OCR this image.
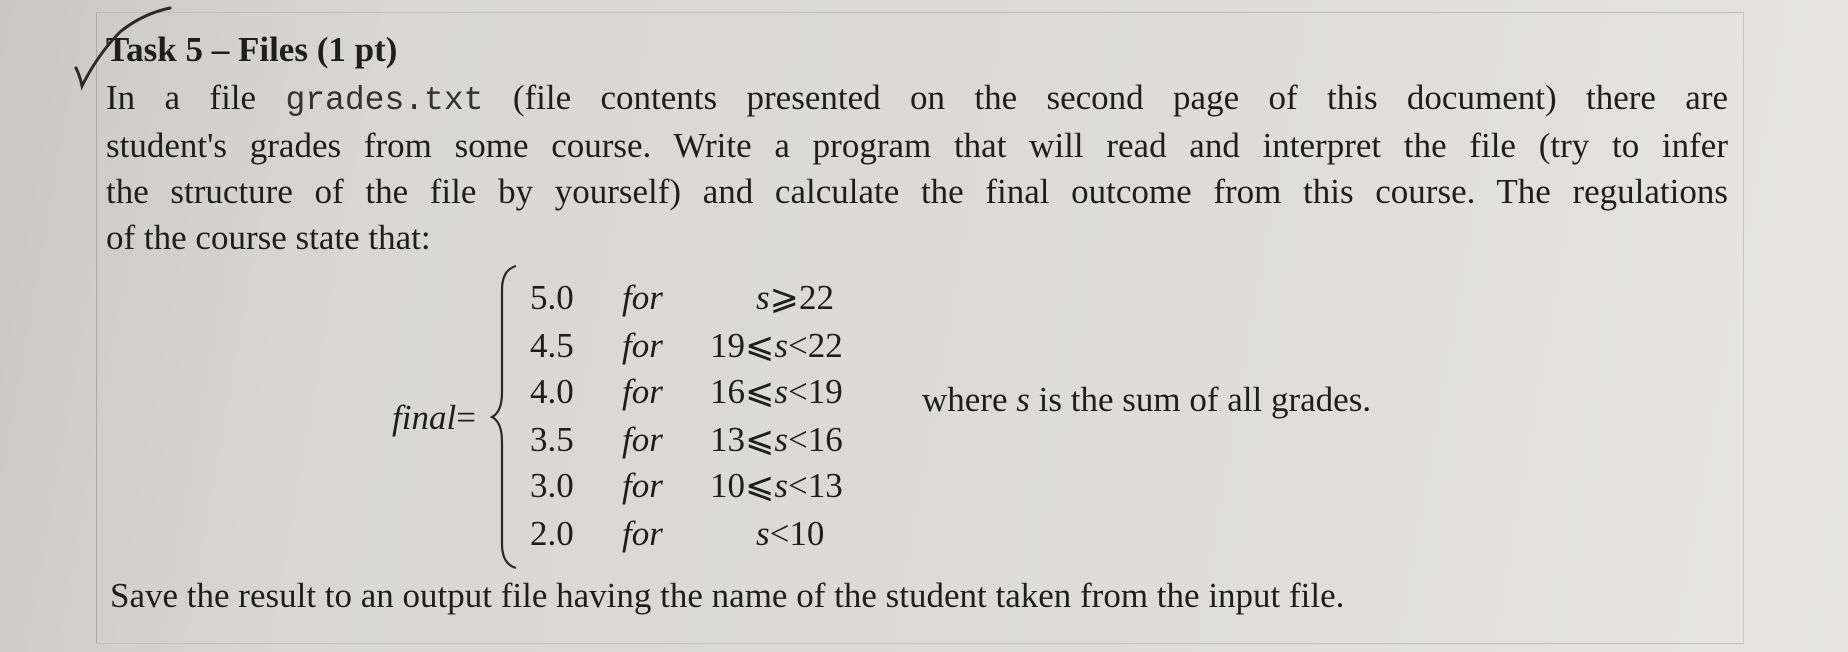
Task 5 – Files (1 pt)
In a file grades.txt (file contents presented on the second page of this document) there are
student's grades from some course. Write a program that will read and interpret the file (try to infer
the structure of the file by yourself) and calculate the final outcome from this course. The regulations
of the course state that:
final=
5.0 for	s⩾22
4.5 for 19⩽s<22
4.0 for 16⩽s<19
3.5 for 13⩽s<16
3.0 for 10⩽s<13
2.0 for	s<10
where s is the sum of all grades.
Save the result to an output file having the name of the student taken from the input file.
